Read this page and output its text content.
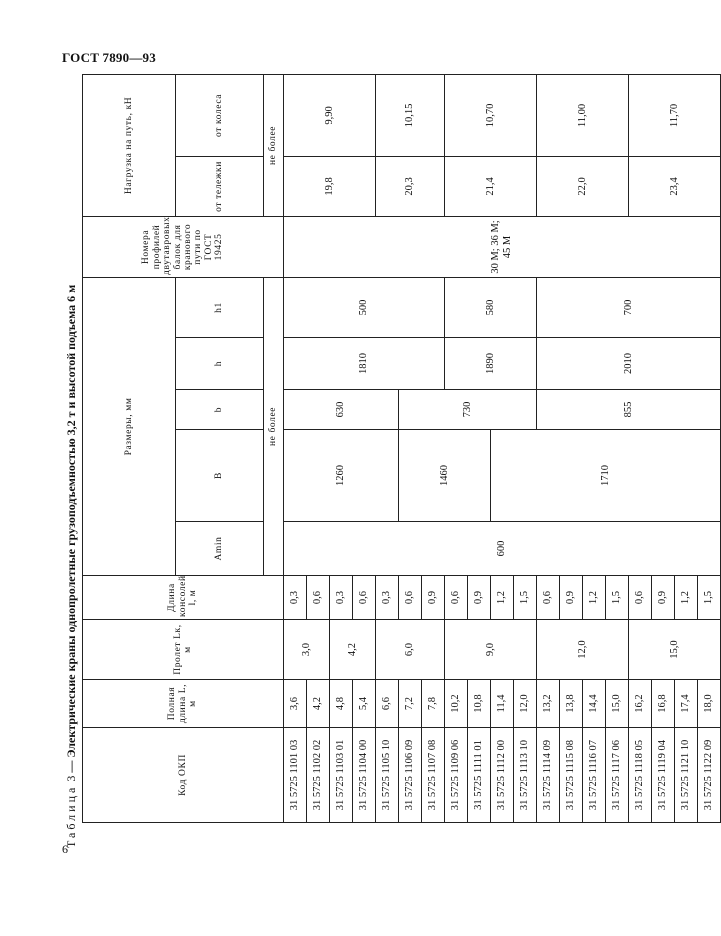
ГОСТ 7890—93
6
Таблица 3 — Электрические краны однопролетные грузоподъемностью 3,2 т и высотой подъема 6 м
Код ОКП	Полная длина L, м	Пролет Lк, м	Длина консолей l, м	Размеры, мм					Номера профилей двутавровых балок для кранового пути по ГОСТ 19425	Нагрузка на путь, кН	

				Amin	B	b	h	h1		от тележки	от колеса	
				не более						не более		
31 5725 1101 03	3,6	3,0	0,3	600	1260	630	1810	500	30 М; 36 М; 45 М	19,8	9,90	
31 5725 1102 02	4,2		0,6									
31 5725 1103 01	4,8	4,2	0,3									
31 5725 1104 00	5,4		0,6									
31 5725 1105 10	6,6	6,0	0,3							20,3	10,15	
31 5725 1106 09	7,2		0,6		1460	730						
31 5725 1107 08	7,8		0,9									
31 5725 1109 06	10,2	9,0	0,6				1890	580		21,4	10,70	
31 5725 1111 01	10,8		0,9									
31 5725 1112 00	11,4		1,2		1710							
31 5725 1113 10	12,0		1,5									
31 5725 1114 09	13,2	12,0	0,6			855	2010	700		22,0	11,00	
31 5725 1115 08	13,8		0,9									
31 5725 1116 07	14,4		1,2									
31 5725 1117 06	15,0		1,5									
31 5725 1118 05	16,2	15,0	0,6							23,4	11,70	
31 5725 1119 04	16,8		0,9									
31 5725 1121 10	17,4		1,2									
31 5725 1122 09	18,0		1,5									
